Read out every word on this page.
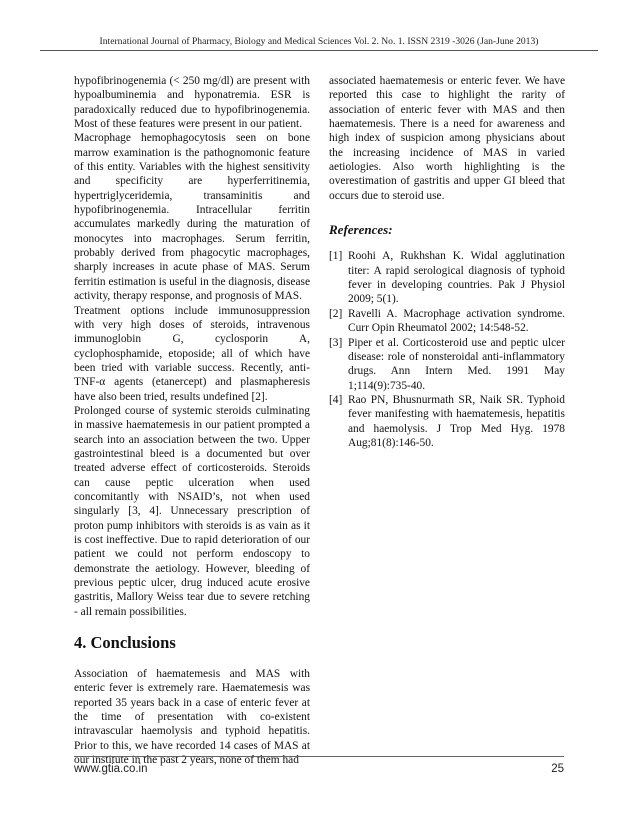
International Journal of Pharmacy, Biology and Medical Sciences Vol. 2. No. 1. ISSN 2319 -3026 (Jan-June 2013)

hypofibrinogenemia (< 250 mg/dl) are present with hypoalbuminemia and hyponatremia. ESR is paradoxically reduced due to hypofibrinogenemia. Most of these features were present in our patient.

Macrophage hemophagocytosis seen on bone marrow examination is the pathognomonic feature of this entity. Variables with the highest sensitivity and specificity are hyperferritinemia, hypertriglyceridemia, transaminitis and hypofibrinogenemia. Intracellular ferritin accumulates markedly during the maturation of monocytes into macrophages. Serum ferritin, probably derived from phagocytic macrophages, sharply increases in acute phase of MAS. Serum ferritin estimation is useful in the diagnosis, disease activity, therapy response, and prognosis of MAS.

Treatment options include immunosuppression with very high doses of steroids, intravenous immunoglobin G, cyclosporin A, cyclophosphamide, etoposide; all of which have been tried with variable success. Recently, anti-TNF-α agents (etanercept) and plasmapheresis have also been tried, results undefined [2].

Prolonged course of systemic steroids culminating in massive haematemesis in our patient prompted a search into an association between the two. Upper gastrointestinal bleed is a documented but over treated adverse effect of corticosteroids. Steroids can cause peptic ulceration when used concomitantly with NSAID’s, not when used singularly [3, 4]. Unnecessary prescription of proton pump inhibitors with steroids is as vain as it is cost ineffective. Due to rapid deterioration of our patient we could not perform endoscopy to demonstrate the aetiology. However, bleeding of previous peptic ulcer, drug induced acute erosive gastritis, Mallory Weiss tear due to severe retching - all remain possibilities.

4. Conclusions

Association of haematemesis and MAS with enteric fever is extremely rare. Haematemesis was reported 35 years back in a case of enteric fever at the time of presentation with co-existent intravascular haemolysis and typhoid hepatitis. Prior to this, we have recorded 14 cases of MAS at our institute in the past 2 years, none of them had

associated haematemesis or enteric fever. We have reported this case to highlight the rarity of association of enteric fever with MAS and then haematemesis. There is a need for awareness and high index of suspicion among physicians about the increasing incidence of MAS in varied aetiologies. Also worth highlighting is the overestimation of gastritis and upper GI bleed that occurs due to steroid use.

References:
[1] Roohi A, Rukhshan K. Widal agglutination titer: A rapid serological diagnosis of typhoid fever in developing countries. Pak J Physiol 2009; 5(1).
[2] Ravelli A. Macrophage activation syndrome. Curr Opin Rheumatol 2002; 14:548-52.
[3] Piper et al. Corticosteroid use and peptic ulcer disease: role of nonsteroidal anti-inflammatory drugs. Ann Intern Med. 1991 May 1;114(9):735-40.
[4] Rao PN, Bhusnurmath SR, Naik SR. Typhoid fever manifesting with haematemesis, hepatitis and haemolysis. J Trop Med Hyg. 1978 Aug;81(8):146-50.
www.gtia.co.in	25
